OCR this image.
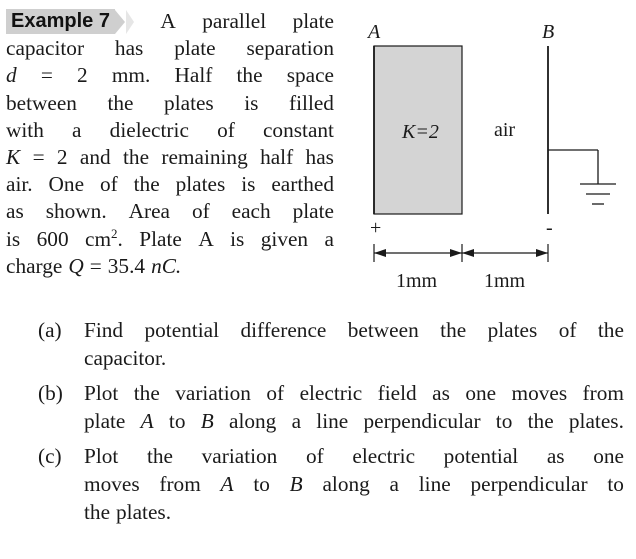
Example 7 A parallel plate
capacitor has plate separation
d = 2 mm. Half the space
between the plates is filled
with a dielectric of constant
K = 2 and the remaining half has
air. One of the plates is earthed
as shown. Area of each plate
is 600 $cm^2$. Plate A is given a
charge Q = 35.4 nC.
A	B
K=2	air
+	-
1mm 1mm
(a) Find potential difference between the plates of the
capacitor.
(b) Plot the variation of electric field as one moves from
plate A to B along a line perpendicular to the plates.
(c) Plot the variation of electric potential as one
moves from A to B along a line perpendicular to
the plates.
